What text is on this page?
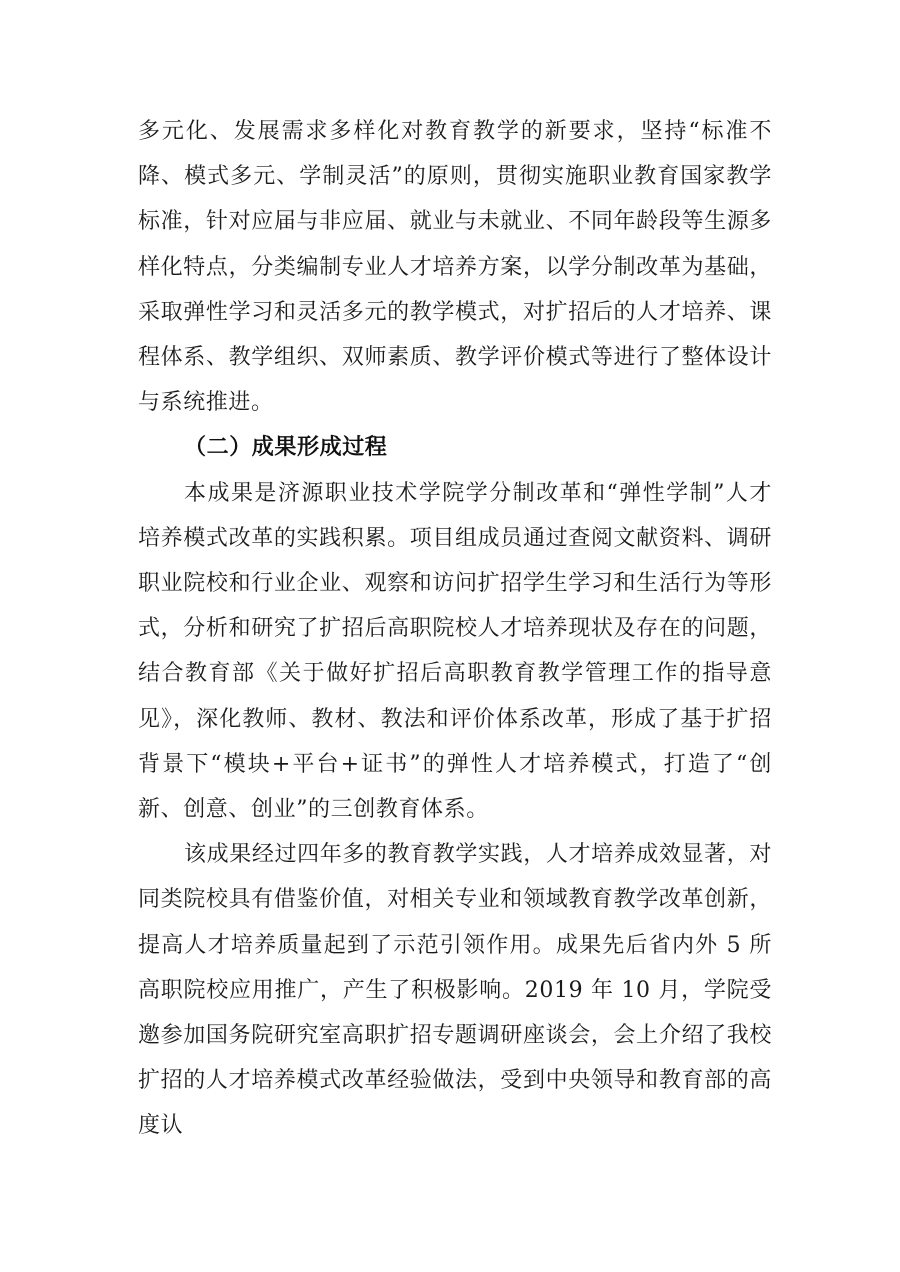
多元化、发展需求多样化对教育教学的新要求，坚持“标准不降、模式多元、学制灵活”的原则，贯彻实施职业教育国家教学标准，针对应届与非应届、就业与未就业、不同年龄段等生源多样化特点，分类编制专业人才培养方案，以学分制改革为基础，采取弹性学习和灵活多元的教学模式，对扩招后的人才培养、课程体系、教学组织、双师素质、教学评价模式等进行了整体设计与系统推进。

（二）成果形成过程

本成果是济源职业技术学院学分制改革和“弹性学制”人才培养模式改革的实践积累。项目组成员通过查阅文献资料、调研职业院校和行业企业、观察和访问扩招学生学习和生活行为等形式，分析和研究了扩招后高职院校人才培养现状及存在的问题，结合教育部《关于做好扩招后高职教育教学管理工作的指导意见》，深化教师、教材、教法和评价体系改革，形成了基于扩招背景下“模块+平台+证书”的弹性人才培养模式，打造了“创新、创意、创业”的三创教育体系。

该成果经过四年多的教育教学实践，人才培养成效显著，对同类院校具有借鉴价值，对相关专业和领域教育教学改革创新，提高人才培养质量起到了示范引领作用。成果先后省内外 5 所高职院校应用推广，产生了积极影响。2019 年 10 月，学院受邀参加国务院研究室高职扩招专题调研座谈会，会上介绍了我校扩招的人才培养模式改革经验做法，受到中央领导和教育部的高度认
